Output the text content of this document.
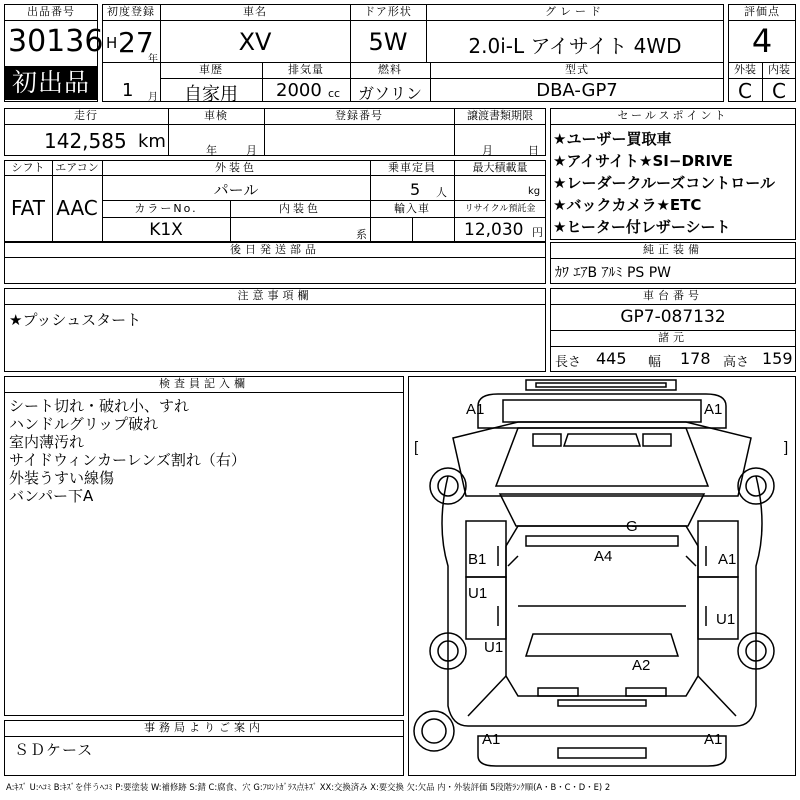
出品番号
30136
初出品
初度登録
H 27
年
1 月
車名
XV
ドア形状
5W
グレード
2.0i-L アイサイト 4WD
車歴
自家用
排気量
2000 cc
燃料
ガソリン
型式
DBA-GP7
評価点
4
外装	内装
C	C
走行
142,585 km
車検
年	月
登録番号	譲渡書類期限
月	日
セールスポイント
★ユーザー買取車
★アイサイト★SI−DRIVE
★レーダークルーズコントロール
★バックカメラ★ETC
★ヒーター付レザーシート
シフト
FAT
エアコン
AAC
外装色
パール
乗車定員
5 人
最大積載量
kg
カラーNo.
K1X
内装色
系
輸入車	リサイクル預託金
12,030 円
後日発送部品	純正装備
ｶﾜ ｴｱB ｱﾙﾐ PS PW
注意事項欄
★プッシュスタート
車台番号
GP7-087132
諸元
長さ 445 幅 178 高さ 159
検査員記入欄
シート切れ・破れ小、すれ
ハンドルグリップ破れ
室内薄汚れ
サイドウィンカーレンズ割れ（右）
外装うすい線傷
バンパー下A
事務局よりご案内
ＳＤケース
A1	A1
[	]
G
B1	A4	A1
U1
U1
U1
A2
A1	A1
A:ｷｽﾞ U:ﾍｺﾐ B:ｷｽﾞを伴うﾍｺﾐ P:要塗装 W:補修跡 S:錆 C:腐食、穴 G:ﾌﾛﾝﾄｶﾞﾗｽ点ｷｽﾞ XX:交換済み X:要交換 欠:欠品 内・外装評価 5段階ﾗﾝｸ順(A・B・C・D・E) 2
